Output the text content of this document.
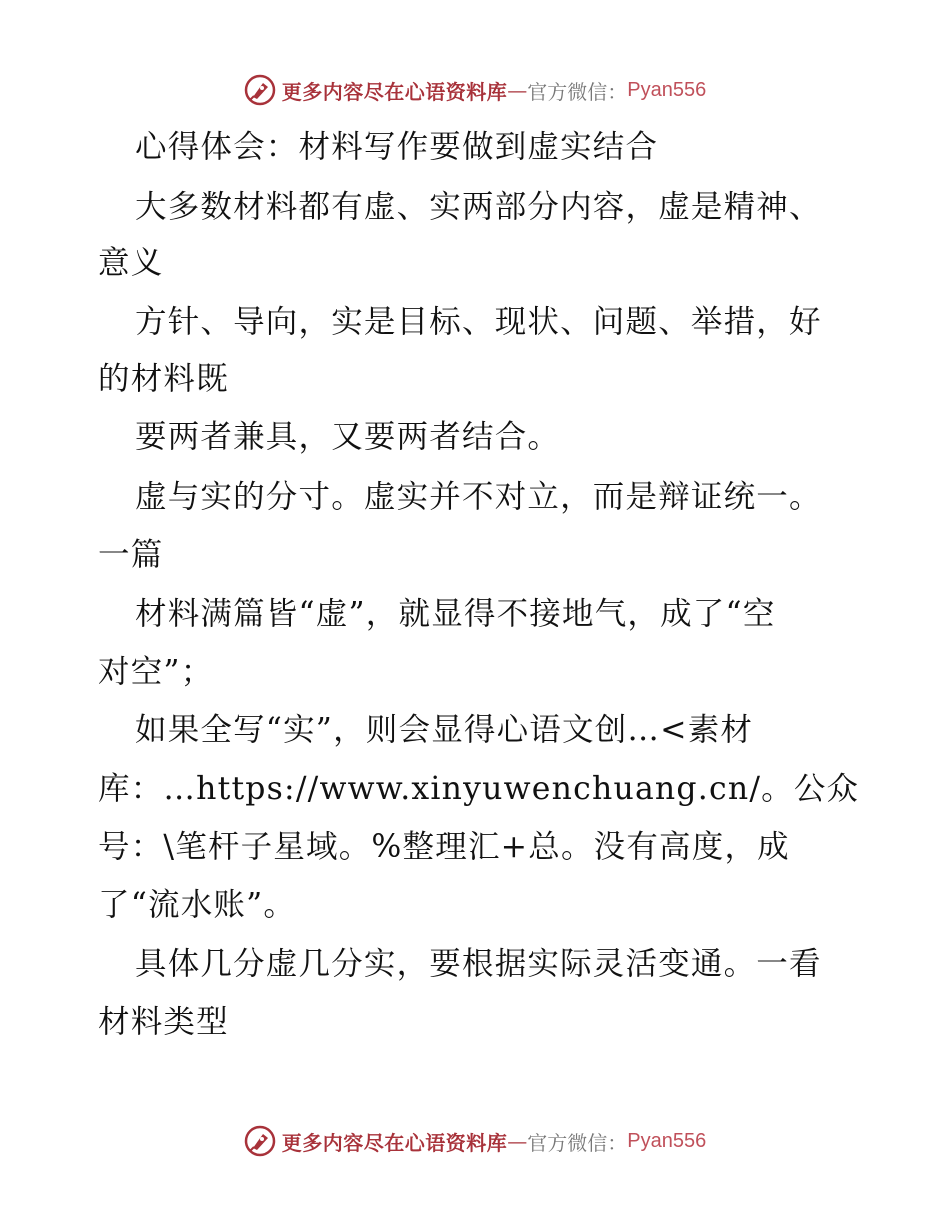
更多内容尽在心语资料库 — 官方微信： Pyan556
心得体会：材料写作要做到虚实结合
大多数材料都有虚、实两部分内容，虚是精神、
意义
方针、导向，实是目标、现状、问题、举措，好
的材料既
要两者兼具，又要两者结合。
虚与实的分寸。虚实并不对立，而是辩证统一。
一篇
材料满篇皆“虚”，就显得不接地气，成了“空
对空”；
如果全写“实”，则会显得心语文创…<素材
库：…https://www.xinyuwenchuang.cn/。公众
号：\笔杆子星域。%整理汇+总。没有高度，成
了“流水账”。
具体几分虚几分实，要根据实际灵活变通。一看
材料类型
更多内容尽在心语资料库 — 官方微信： Pyan556
